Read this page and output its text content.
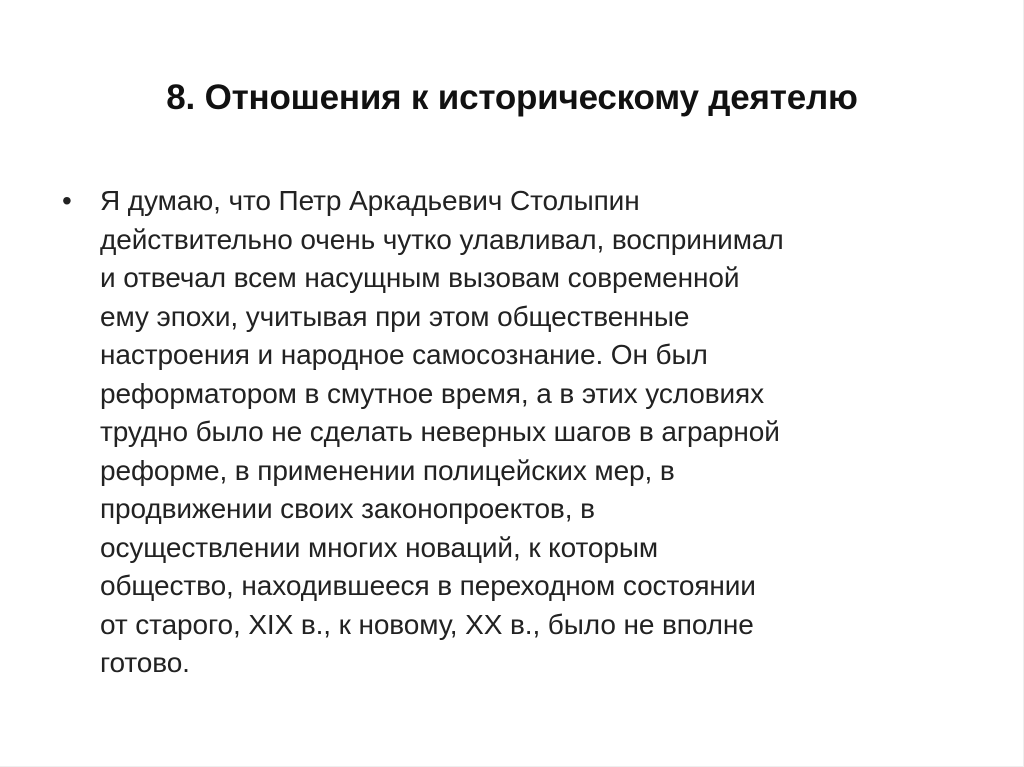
8. Отношения к историческому деятелю
• Я думаю, что Петр Аркадьевич Столыпин
действительно очень чутко улавливал, воспринимал
и отвечал всем насущным вызовам современной
ему эпохи, учитывая при этом общественные
настроения и народное самосознание. Он был
реформатором в смутное время, а в этих условиях
трудно было не сделать неверных шагов в аграрной
реформе, в применении полицейских мер, в
продвижении своих законопроектов, в
осуществлении многих новаций, к которым
общество, находившееся в переходном состоянии
от старого, XIX в., к новому, XX в., было не вполне
готово.
